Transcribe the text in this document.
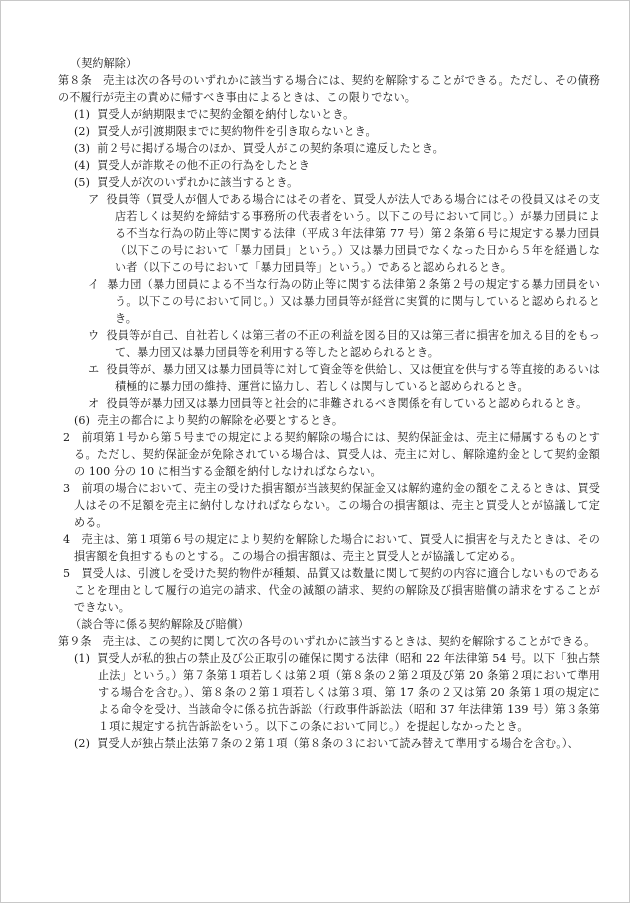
（契約解除）

第８条　売主は次の各号のいずれかに該当する場合には、契約を解除することができる。ただし、その債務の不履行が売主の責めに帰すべき事由によるときは、この限りでない。

(1) 買受人が納期限までに契約金額を納付しないとき。

(2) 買受人が引渡期限までに契約物件を引き取らないとき。

(3) 前２号に掲げる場合のほか、買受人がこの契約条項に違反したとき。

(4) 買受人が詐欺その他不正の行為をしたとき

(5) 買受人が次のいずれかに該当するとき。

ア 役員等（買受人が個人である場合にはその者を、買受人が法人である場合にはその役員又はその支店若しくは契約を締結する事務所の代表者をいう。以下この号において同じ。）が暴力団員による不当な行為の防止等に関する法律（平成３年法律第 77 号）第２条第６号に規定する暴力団員（以下この号において「暴力団員」という。）又は暴力団員でなくなった日から５年を経過しない者（以下この号において「暴力団員等」という。）であると認められるとき。

イ 暴力団（暴力団員による不当な行為の防止等に関する法律第２条第２号の規定する暴力団員をいう。以下この号において同じ。）又は暴力団員等が経営に実質的に関与していると認められるとき。

ウ 役員等が自己、自社若しくは第三者の不正の利益を図る目的又は第三者に損害を加える目的をもって、暴力団又は暴力団員等を利用する等したと認められるとき。

エ 役員等が、暴力団又は暴力団員等に対して資金等を供給し、又は便宜を供与する等直接的あるいは積極的に暴力団の維持、運営に協力し、若しくは関与していると認められるとき。

オ 役員等が暴力団又は暴力団員等と社会的に非難されるべき関係を有していると認められるとき。

(6) 売主の都合により契約の解除を必要とするとき。

2　 前項第１号から第５号までの規定による契約解除の場合には、契約保証金は、売主に帰属するものとする。ただし、契約保証金が免除されている場合は、買受人は、売主に対し、解除違約金として契約金額の 100 分の 10 に相当する金額を納付しなければならない。

3　 前項の場合において、売主の受けた損害額が当該契約保証金又は解約違約金の額をこえるときは、買受人はその不足額を売主に納付しなければならない。この場合の損害額は、売主と買受人とが協議して定める。

4　 売主は、第１項第６号の規定により契約を解除した場合において、買受人に損害を与えたときは、その損害額を負担するものとする。この場合の損害額は、売主と買受人とが協議して定める。

5　 買受人は、引渡しを受けた契約物件が種類、品質又は数量に関して契約の内容に適合しないものであることを理由として履行の追完の請求、代金の減額の請求、契約の解除及び損害賠償の請求をすることができない。

（談合等に係る契約解除及び賠償）

第９条　売主は、この契約に関して次の各号のいずれかに該当するときは、契約を解除することができる。

(1) 買受人が私的独占の禁止及び公正取引の確保に関する法律（昭和 22 年法律第 54 号。以下「独占禁止法」という。）第７条第１項若しくは第２項（第８条の２第２項及び第 20 条第２項において準用する場合を含む。）、第８条の２第１項若しくは第３項、第 17 条の２又は第 20 条第１項の規定による命令を受け、当該命令に係る抗告訴訟（行政事件訴訟法（昭和 37 年法律第 139 号）第３条第１項に規定する抗告訴訟をいう。以下この条において同じ。）を提起しなかったとき。

(2) 買受人が独占禁止法第７条の２第１項（第８条の３において読み替えて準用する場合を含む。）、
